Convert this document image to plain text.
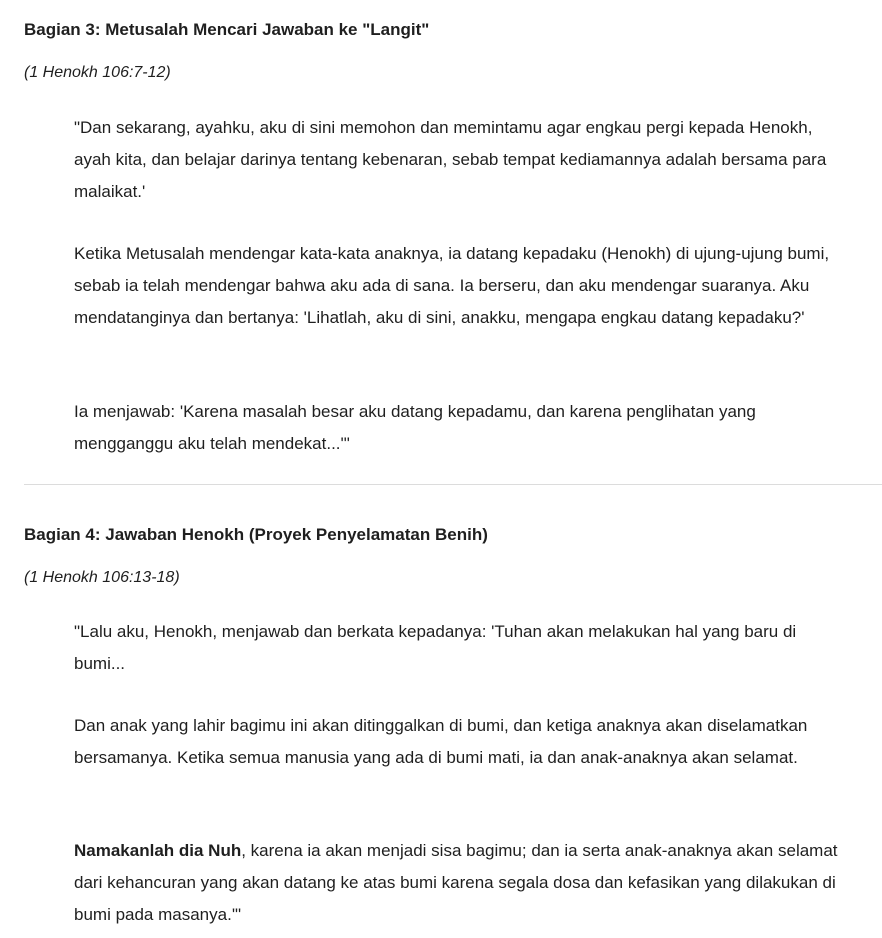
Bagian 3: Metusalah Mencari Jawaban ke "Langit"

(1 Henokh 106:7-12)

"Dan sekarang, ayahku, aku di sini memohon dan memintamu agar engkau pergi kepada Henokh, ayah kita, dan belajar darinya tentang kebenaran, sebab tempat kediamannya adalah bersama para malaikat.'

Ketika Metusalah mendengar kata-kata anaknya, ia datang kepadaku (Henokh) di ujung-ujung bumi, sebab ia telah mendengar bahwa aku ada di sana. Ia berseru, dan aku mendengar suaranya. Aku mendatanginya dan bertanya: 'Lihatlah, aku di sini, anakku, mengapa engkau datang kepadaku?'

Ia menjawab: 'Karena masalah besar aku datang kepadamu, dan karena penglihatan yang mengganggu aku telah mendekat...'"

Bagian 4: Jawaban Henokh (Proyek Penyelamatan Benih)

(1 Henokh 106:13-18)

"Lalu aku, Henokh, menjawab dan berkata kepadanya: 'Tuhan akan melakukan hal yang baru di bumi...

Dan anak yang lahir bagimu ini akan ditinggalkan di bumi, dan ketiga anaknya akan diselamatkan bersamanya. Ketika semua manusia yang ada di bumi mati, ia dan anak-anaknya akan selamat.

Namakanlah dia Nuh, karena ia akan menjadi sisa bagimu; dan ia serta anak-anaknya akan selamat dari kehancuran yang akan datang ke atas bumi karena segala dosa dan kefasikan yang dilakukan di bumi pada masanya.'"
